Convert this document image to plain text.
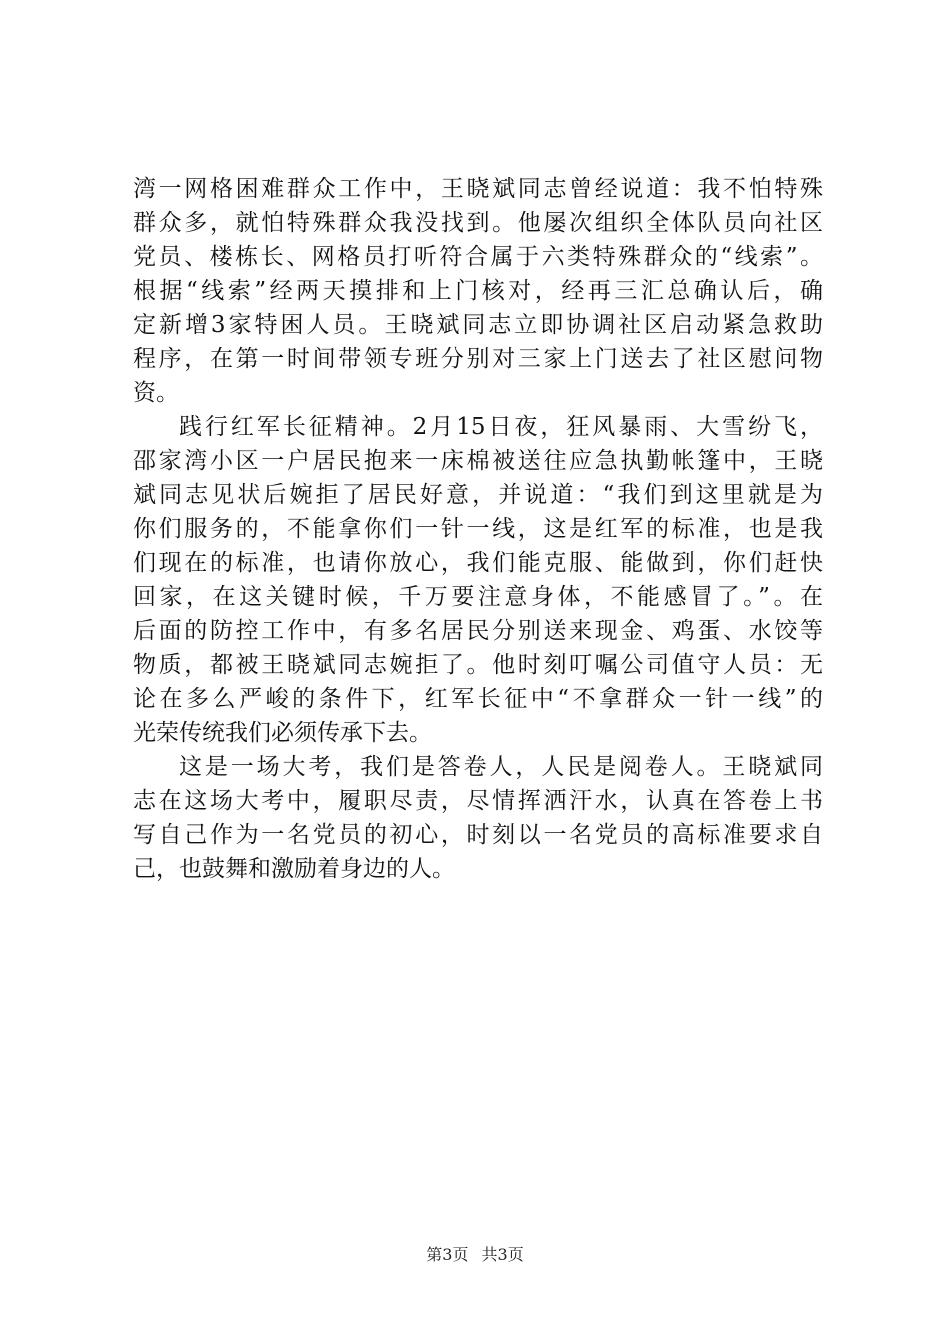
湾一网格困难群众工作中，王晓斌同志曾经说道：我不怕特殊
群众多，就怕特殊群众我没找到。他屡次组织全体队员向社区
党员、楼栋长、网格员打听符合属于六类特殊群众的“线索”。
根据“线索”经两天摸排和上门核对，经再三汇总确认后，确
定新增3家特困人员。王晓斌同志立即协调社区启动紧急救助
程序，在第一时间带领专班分别对三家上门送去了社区慰问物
资。
践行红军长征精神。2月15日夜，狂风暴雨、大雪纷飞，
邵家湾小区一户居民抱来一床棉被送往应急执勤帐篷中，王晓
斌同志见状后婉拒了居民好意，并说道：“我们到这里就是为
你们服务的，不能拿你们一针一线，这是红军的标准，也是我
们现在的标准，也请你放心，我们能克服、能做到，你们赶快
回家，在这关键时候，千万要注意身体，不能感冒了。”。在
后面的防控工作中，有多名居民分别送来现金、鸡蛋、水饺等
物质，都被王晓斌同志婉拒了。他时刻叮嘱公司值守人员：无
论在多么严峻的条件下，红军长征中“不拿群众一针一线”的
光荣传统我们必须传承下去。
这是一场大考，我们是答卷人，人民是阅卷人。王晓斌同
志在这场大考中，履职尽责，尽情挥洒汗水，认真在答卷上书
写自己作为一名党员的初心，时刻以一名党员的高标准要求自
己，也鼓舞和激励着身边的人。
第3页 共3页
